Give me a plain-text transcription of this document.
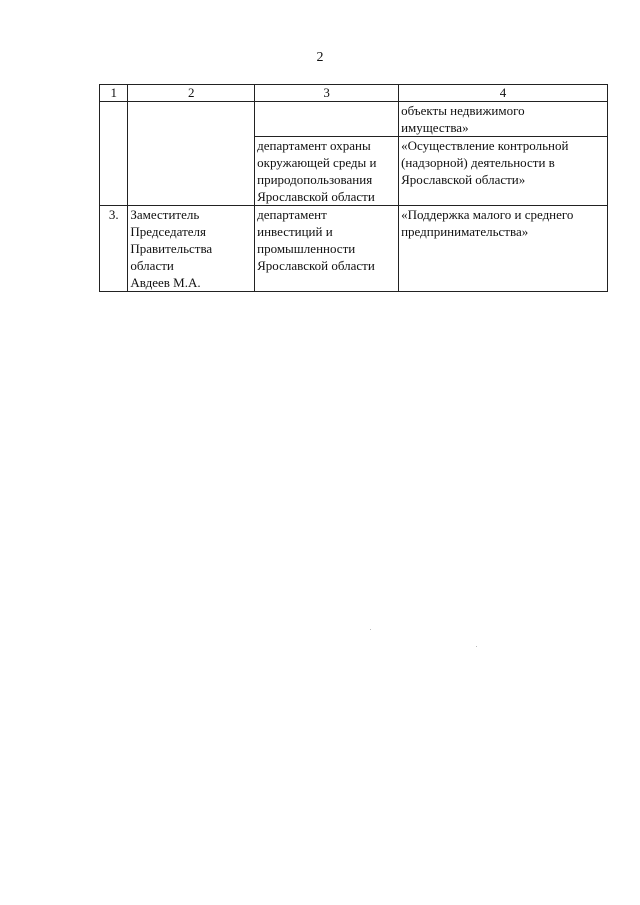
2
1	2	3	4
			объекты недвижимого
имущества»
		департамент охраны
окружающей среды и
природопользования
Ярославской области	«Осуществление контрольной
(надзорной) деятельности в
Ярославской области»
3.	Заместитель
Председателя
Правительства
области
Авдеев М.А.	департамент
инвестиций и
промышленности
Ярославской области	«Поддержка малого и среднего
предпринимательства»
